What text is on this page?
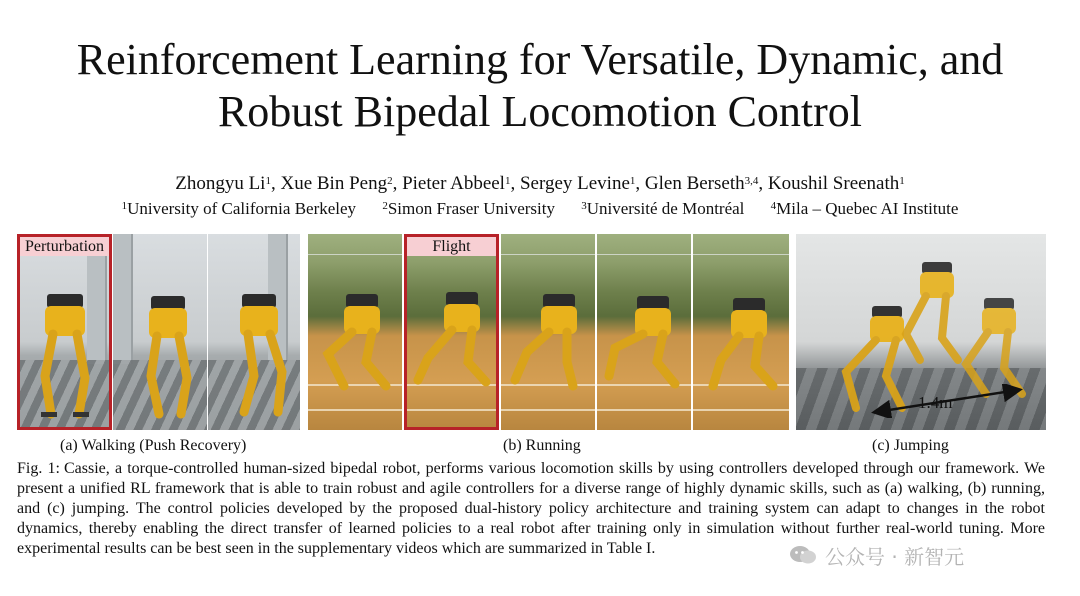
Reinforcement Learning for Versatile, Dynamic, and
Robust Bipedal Locomotion Control
Zhongyu Li$^1$, Xue Bin Peng$^2$, Pieter Abbeel$^1$, Sergey Levine$^1$, Glen Berseth$^{3,4}$, Koushil Sreenath$^1$
$^1$University of California Berkeley $^2$Simon Fraser University $^3$Université de Montréal $^4$Mila – Quebec AI Institute
Perturbation	Flight
1.4m
(a) Walking (Push Recovery)	(b) Running	(c) Jumping
Fig. 1: Cassie, a torque-controlled human-sized bipedal robot, performs various locomotion skills by using controllers developed through our framework. We present a unified RL framework that is able to train robust and agile controllers for a diverse range of highly dynamic skills, such as (a) walking, (b) running, and (c) jumping. The control policies developed by the proposed dual-history policy architecture and training system can adapt to changes in the robot dynamics, thereby enabling the direct transfer of learned policies to a real robot after training only in simulation without further real-world tuning. More experimental results can be best seen in the supplementary videos which are summarized in Table I.	公众号 · 新智元
